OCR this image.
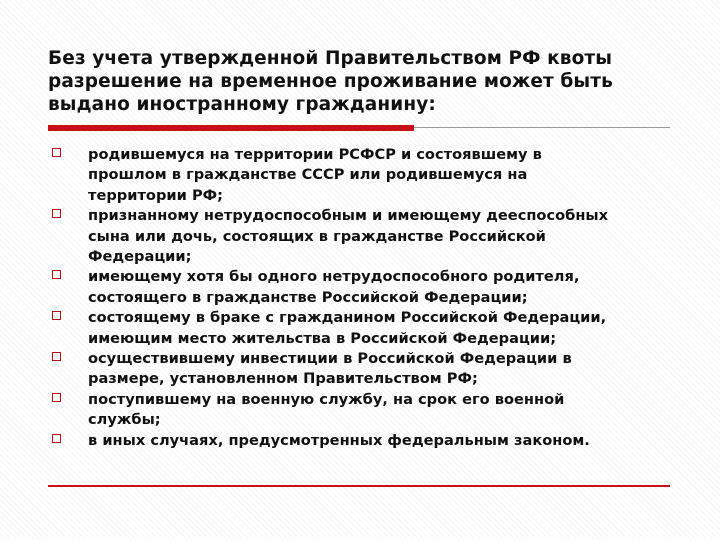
Без учета утвержденной Правительством РФ квоты
разрешение на временное проживание может быть
выдано иностранному гражданину:
родившемуся на территории РСФСР и состоявшему в
прошлом в гражданстве СССР или родившемуся на
территории РФ;
признанному нетрудоспособным и имеющему дееспособных
сына или дочь, состоящих в гражданстве Российской
Федерации;
имеющему хотя бы одного нетрудоспособного родителя,
состоящего в гражданстве Российской Федерации;
состоящему в браке с гражданином Российской Федерации,
имеющим место жительства в Российской Федерации;
осуществившему инвестиции в Российской Федерации в
размере, установленном Правительством РФ;
поступившему на военную службу, на срок его военной
службы;
в иных случаях, предусмотренных федеральным законом.
